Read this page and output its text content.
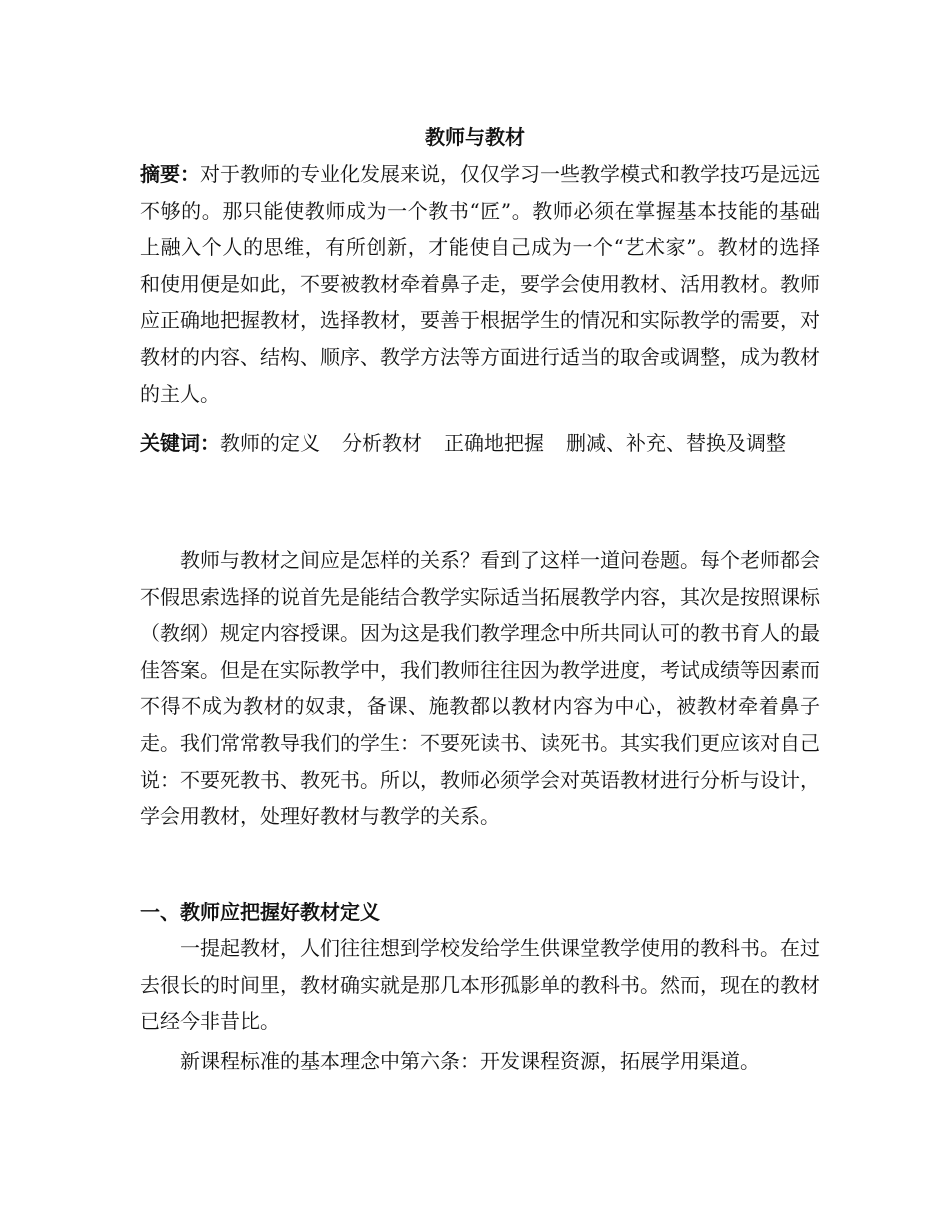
教师与教材
摘要：对于教师的专业化发展来说，仅仅学习一些教学模式和教学技巧是远远不够的。那只能使教师成为一个教书“匠”。教师必须在掌握基本技能的基础上融入个人的思维，有所创新，才能使自己成为一个“艺术家”。教材的选择和使用便是如此，不要被教材牵着鼻子走，要学会使用教材、活用教材。教师应正确地把握教材，选择教材，要善于根据学生的情况和实际教学的需要，对教材的内容、结构、顺序、教学方法等方面进行适当的取舍或调整，成为教材的主人。
关键词：教师的定义 分析教材 正确地把握 删减、补充、替换及调整
教师与教材之间应是怎样的关系？看到了这样一道问卷题。每个老师都会不假思索选择的说首先是能结合教学实际适当拓展教学内容，其次是按照课标（教纲）规定内容授课。因为这是我们教学理念中所共同认可的教书育人的最佳答案。但是在实际教学中，我们教师往往因为教学进度，考试成绩等因素而不得不成为教材的奴隶，备课、施教都以教材内容为中心，被教材牵着鼻子走。我们常常教导我们的学生：不要死读书、读死书。其实我们更应该对自己说：不要死教书、教死书。所以，教师必须学会对英语教材进行分析与设计，学会用教材，处理好教材与教学的关系。
一、教师应把握好教材定义
一提起教材，人们往往想到学校发给学生供课堂教学使用的教科书。在过去很长的时间里，教材确实就是那几本形孤影单的教科书。然而，现在的教材已经今非昔比。
新课程标准的基本理念中第六条：开发课程资源，拓展学用渠道。
